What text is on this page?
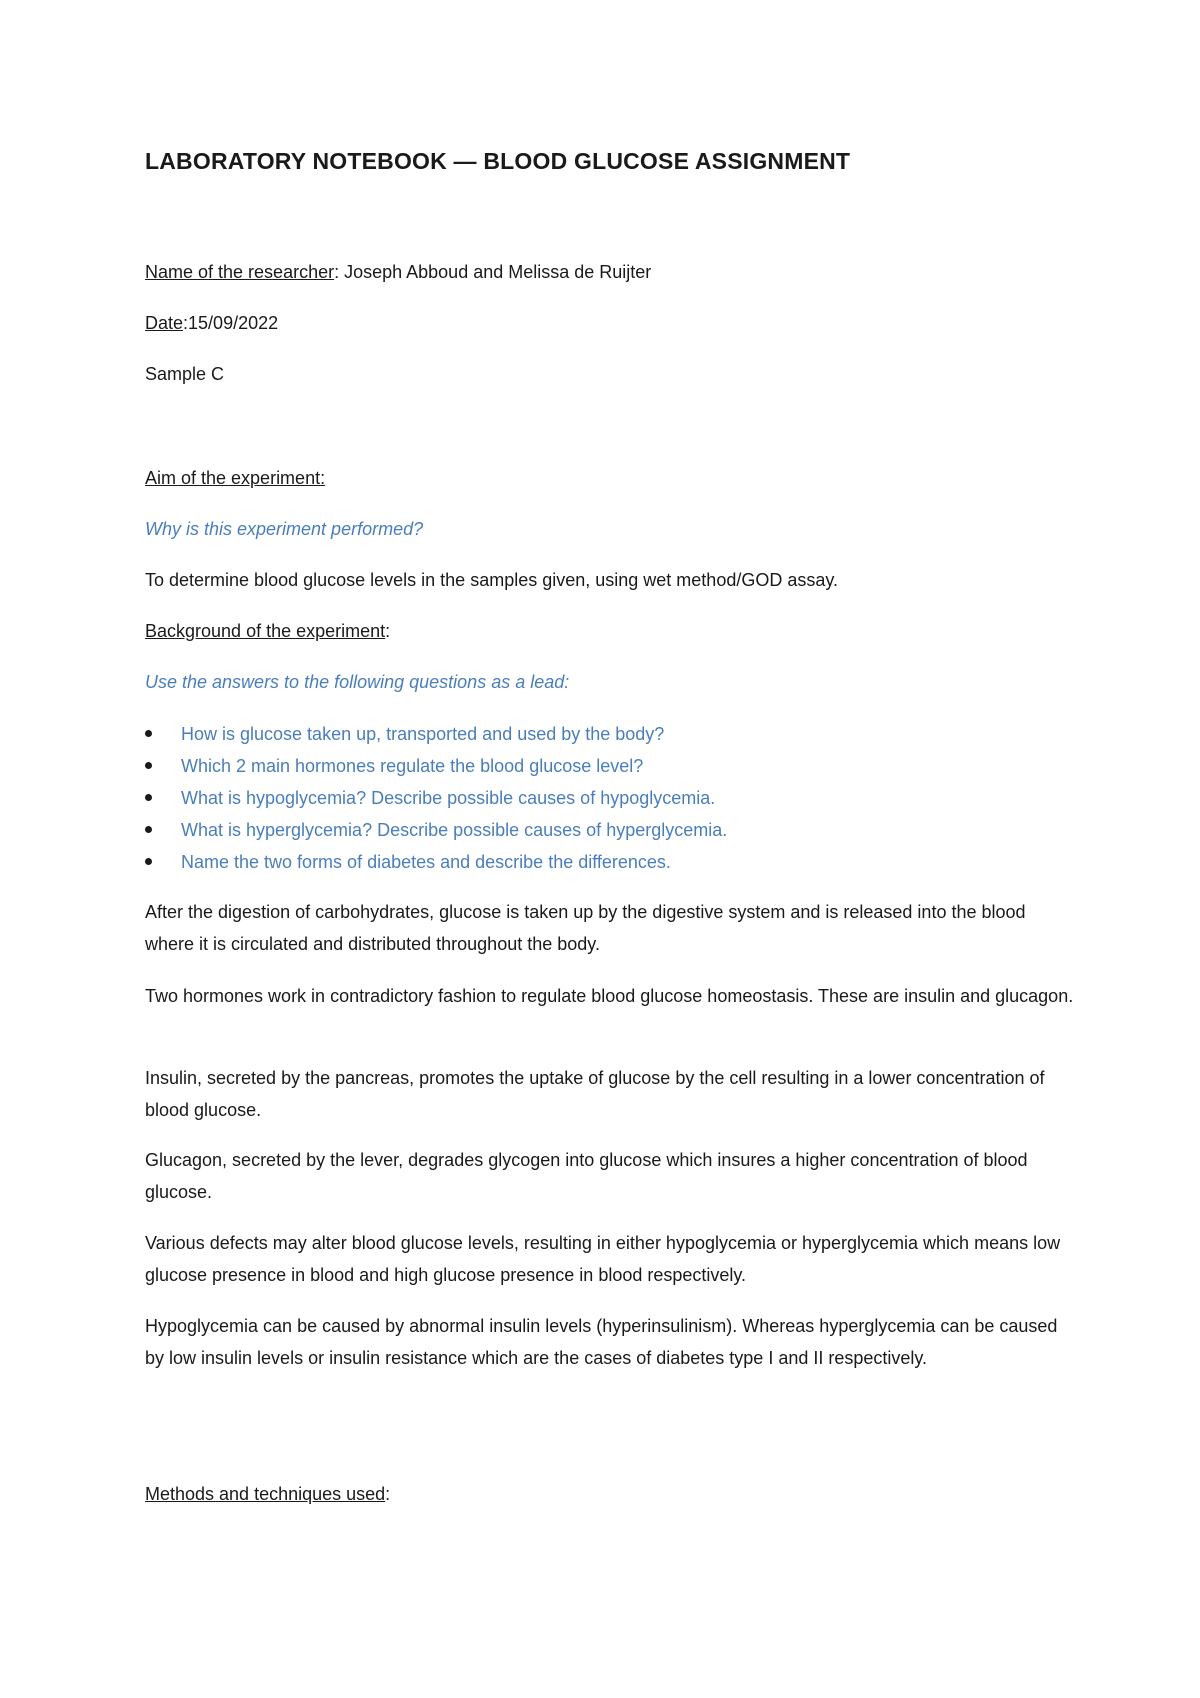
LABORATORY NOTEBOOK — BLOOD GLUCOSE ASSIGNMENT

Name of the researcher: Joseph Abboud and Melissa de Ruijter

Date:15/09/2022

Sample C

Aim of the experiment:

Why is this experiment performed?

To determine blood glucose levels in the samples given, using wet method/GOD assay.

Background of the experiment:

Use the answers to the following questions as a lead:

How is glucose taken up, transported and used by the body?
Which 2 main hormones regulate the blood glucose level?
What is hypoglycemia? Describe possible causes of hypoglycemia.
What is hyperglycemia? Describe possible causes of hyperglycemia.
Name the two forms of diabetes and describe the differences.

After the digestion of carbohydrates, glucose is taken up by the digestive system and is released into the blood where it is circulated and distributed throughout the body.

Two hormones work in contradictory fashion to regulate blood glucose homeostasis. These are insulin and glucagon.

Insulin, secreted by the pancreas, promotes the uptake of glucose by the cell resulting in a lower concentration of blood glucose.

Glucagon, secreted by the lever, degrades glycogen into glucose which insures a higher concentration of blood glucose.

Various defects may alter blood glucose levels, resulting in either hypoglycemia or hyperglycemia which means low glucose presence in blood and high glucose presence in blood respectively.

Hypoglycemia can be caused by abnormal insulin levels (hyperinsulinism). Whereas hyperglycemia can be caused by low insulin levels or insulin resistance which are the cases of diabetes type I and II respectively.

Methods and techniques used:
